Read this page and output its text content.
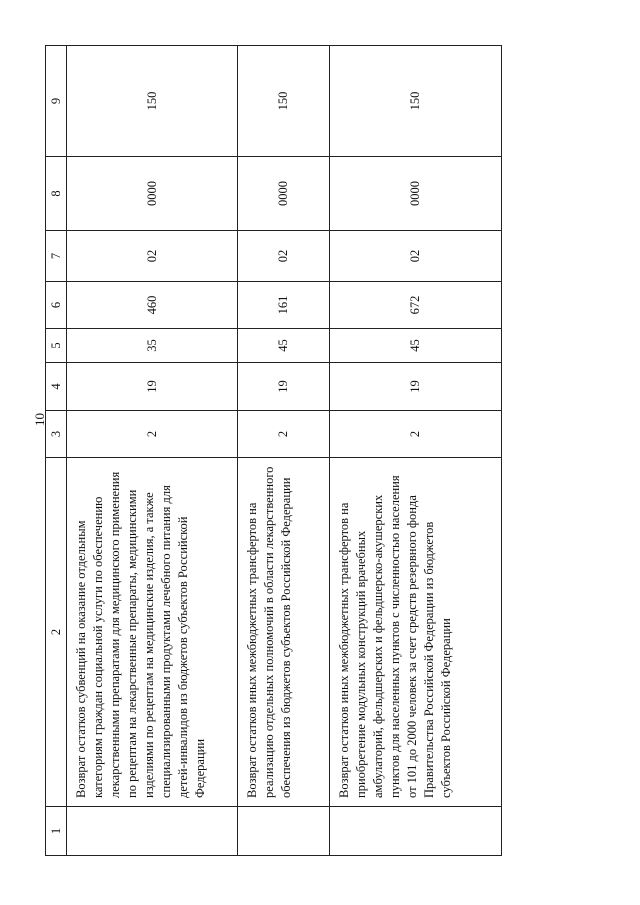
10
1	2	3	4	5	6	7	8	9
	Возврат остатков субвенций на оказание отдельным категориям граждан социальной услуги по обеспечению лекарственными препаратами для медицинского применения по рецептам на лекарственные препараты, медицинскими изделиями по рецептам на медицинские изделия, а также специализированными продуктами лечебного питания для детей-инвалидов из бюджетов субъектов Российской Федерации	2	19	35	460	02	0000	150
	Возврат остатков иных межбюджетных трансфертов на реализацию отдельных полномочий в области лекарственного обеспечения из бюджетов субъектов Российской Федерации	2	19	45	161	02	0000	150
	Возврат остатков иных межбюджетных трансфертов на приобретение модульных конструкций врачебных амбулаторий, фельдшерских и фельдшерско-акушерских пунктов для населенных пунктов с численностью населения от 101 до 2000 человек за счет средств резервного фонда Правительства Российской Федерации из бюджетов субъектов Российской Федерации	2	19	45	672	02	0000	150
